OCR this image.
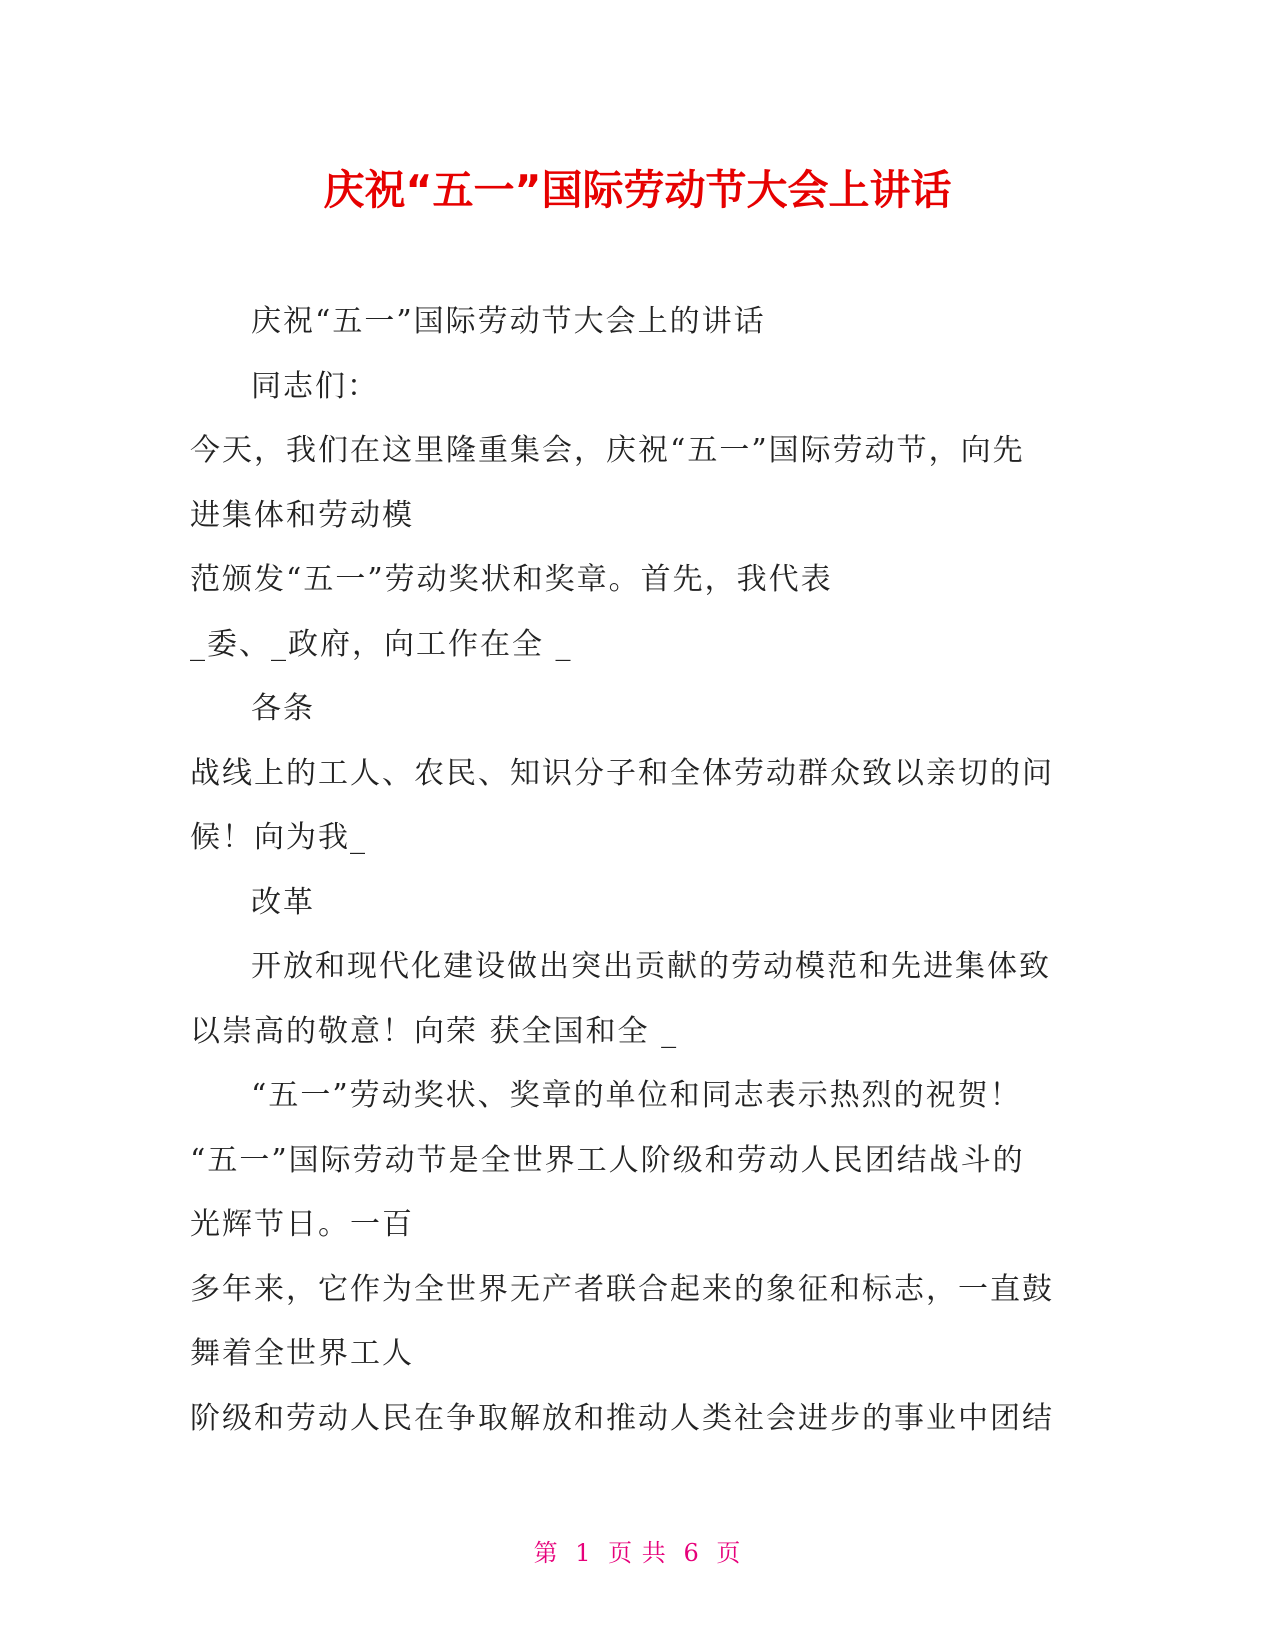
庆祝“五一”国际劳动节大会上讲话
庆祝“五一”国际劳动节大会上的讲话
同志们：
今天，我们在这里隆重集会，庆祝“五一”国际劳动节，向先
进集体和劳动模
范颁发“五一”劳动奖状和奖章。首先，我代表
_委、_政府，向工作在全 _
各条
战线上的工人、农民、知识分子和全体劳动群众致以亲切的问
候！向为我_
改革
开放和现代化建设做出突出贡献的劳动模范和先进集体致
以崇高的敬意！向荣 获全国和全 _
“五一”劳动奖状、奖章的单位和同志表示热烈的祝贺！
“五一”国际劳动节是全世界工人阶级和劳动人民团结战斗的
光辉节日。一百
多年来，它作为全世界无产者联合起来的象征和标志，一直鼓
舞着全世界工人
阶级和劳动人民在争取解放和推动人类社会进步的事业中团结
第 1 页 共 6 页
